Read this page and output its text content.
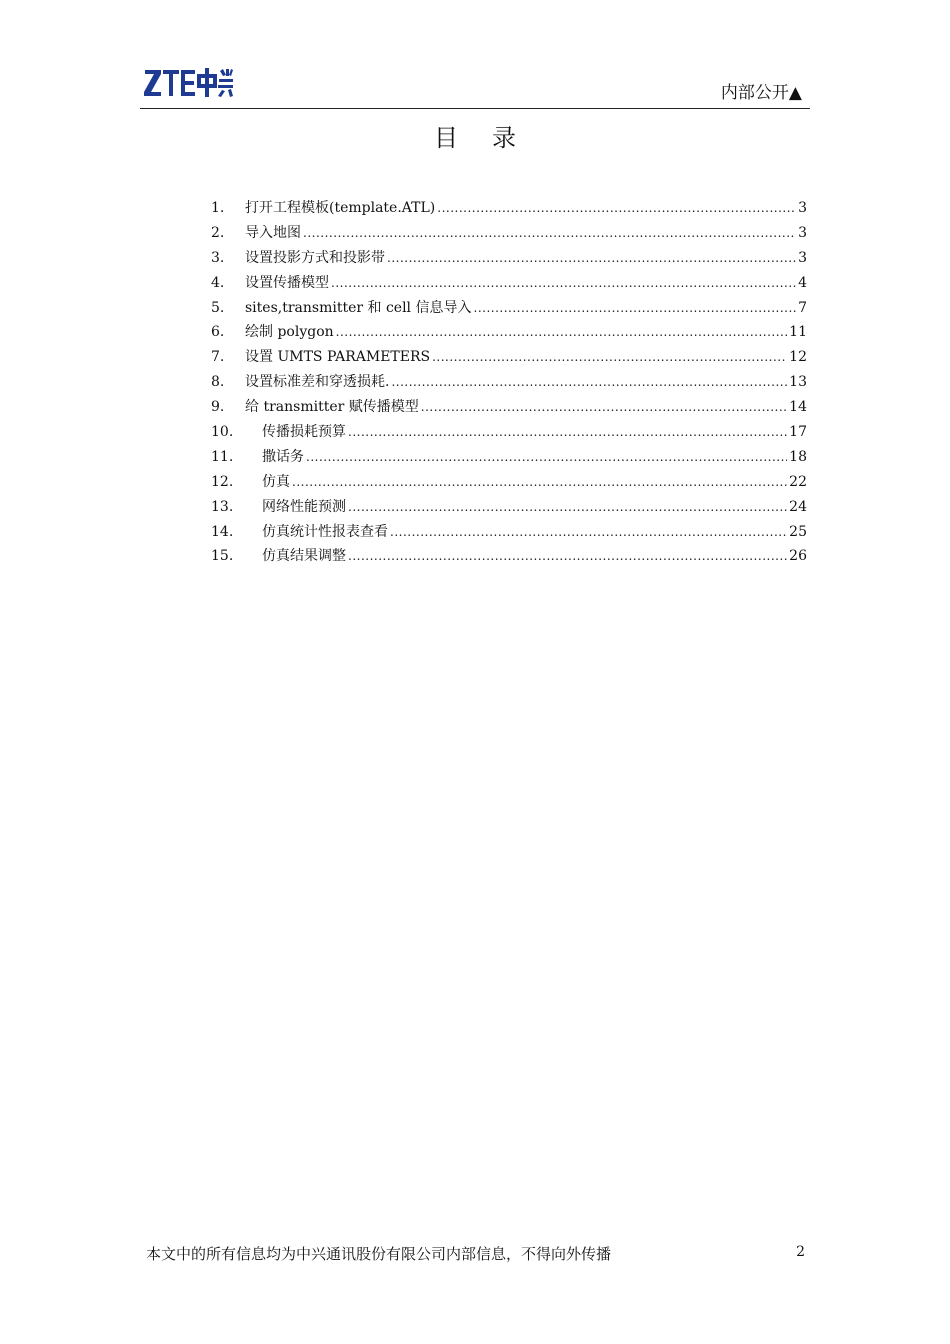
内部公开▲
目录
1.	打开工程模板(template.ATL) .....	3
2.	导入地图 .....	3
3.	设置投影方式和投影带 .....	3
4.	设置传播模型 .....	4
5.	sites,transmitter 和 cell 信息导入 .....	7
6.	绘制 polygon .....	11
7.	设置 UMTS PARAMETERS .....	12
8.	设置标准差和穿透损耗. .....	13
9.	给 transmitter 赋传播模型 .....	14
10.	传播损耗预算 .....	17
11.	撒话务 .....	18
12.	仿真 .....	22
13.	网络性能预测 .....	24
14.	仿真统计性报表查看 .....	25
15.	仿真结果调整 .....	26
本文中的所有信息均为中兴通讯股份有限公司内部信息，不得向外传播	2
